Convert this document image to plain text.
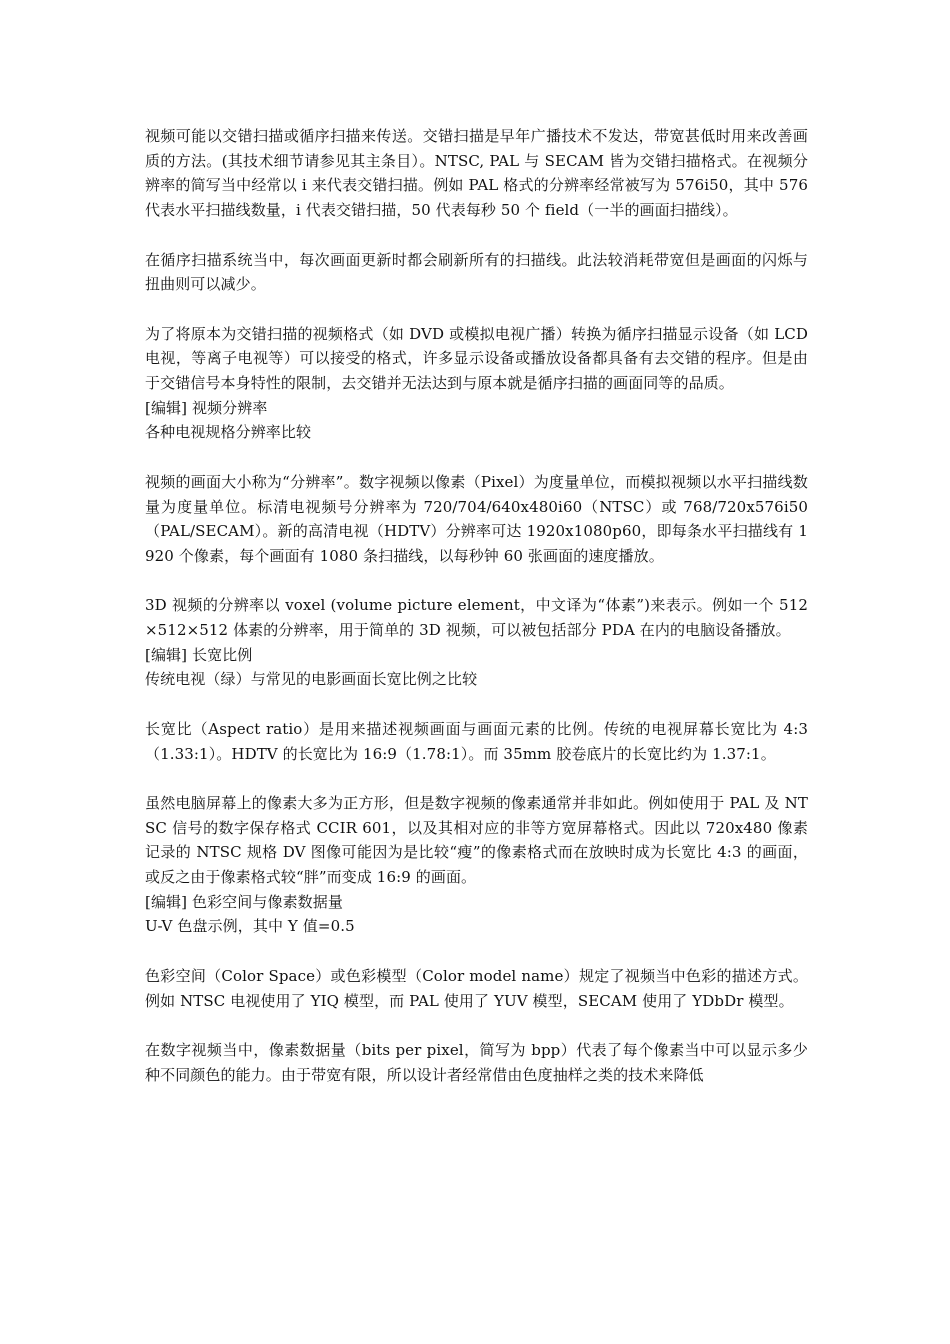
视频可能以交错扫描或循序扫描来传送。交错扫描是早年广播技术不发达，带宽甚低时用来改善画质的方法。(其技术细节请参见其主条目）。NTSC, PAL 与 SECAM 皆为交错扫描格式。在视频分辨率的简写当中经常以 i 来代表交错扫描。例如 PAL 格式的分辨率经常被写为 576i50，其中 576 代表水平扫描线数量，i 代表交错扫描，50 代表每秒 50 个 field（一半的画面扫描线）。

在循序扫描系统当中，每次画面更新时都会刷新所有的扫描线。此法较消耗带宽但是画面的闪烁与扭曲则可以减少。

为了将原本为交错扫描的视频格式（如 DVD 或模拟电视广播）转换为循序扫描显示设备（如 LCD 电视，等离子电视等）可以接受的格式，许多显示设备或播放设备都具备有去交错的程序。但是由于交错信号本身特性的限制，去交错并无法达到与原本就是循序扫描的画面同等的品质。

[编辑] 视频分辨率

各种电视规格分辨率比较

视频的画面大小称为“分辨率”。数字视频以像素（Pixel）为度量单位，而模拟视频以水平扫描线数量为度量单位。标清电视频号分辨率为 720/704/640x480i60（NTSC）或 768/720x576i50（PAL/SECAM）。新的高清电视（HDTV）分辨率可达 1920x1080p60，即每条水平扫描线有 1920 个像素，每个画面有 1080 条扫描线，以每秒钟 60 张画面的速度播放。

3D 视频的分辨率以 voxel (volume picture element，中文译为“体素”)来表示。例如一个 512×512×512 体素的分辨率，用于简单的 3D 视频，可以被包括部分 PDA 在内的电脑设备播放。

[编辑] 长宽比例

传统电视（绿）与常见的电影画面长宽比例之比较

长宽比（Aspect ratio）是用来描述视频画面与画面元素的比例。传统的电视屏幕长宽比为 4:3（1.33:1）。HDTV 的长宽比为 16:9（1.78:1）。而 35mm 胶卷底片的长宽比约为 1.37:1。

虽然电脑屏幕上的像素大多为正方形，但是数字视频的像素通常并非如此。例如使用于 PAL 及 NTSC 信号的数字保存格式 CCIR 601，以及其相对应的非等方宽屏幕格式。因此以 720x480 像素记录的 NTSC 规格 DV 图像可能因为是比较“瘦”的像素格式而在放映时成为长宽比 4:3 的画面，或反之由于像素格式较“胖”而变成 16:9 的画面。

[编辑] 色彩空间与像素数据量

U-V 色盘示例，其中 Y 值=0.5

色彩空间（Color Space）或色彩模型（Color model name）规定了视频当中色彩的描述方式。例如 NTSC 电视使用了 YIQ 模型，而 PAL 使用了 YUV 模型，SECAM 使用了 YDbDr 模型。

在数字视频当中，像素数据量（bits per pixel，简写为 bpp）代表了每个像素当中可以显示多少种不同颜色的能力。由于带宽有限，所以设计者经常借由色度抽样之类的技术来降低
